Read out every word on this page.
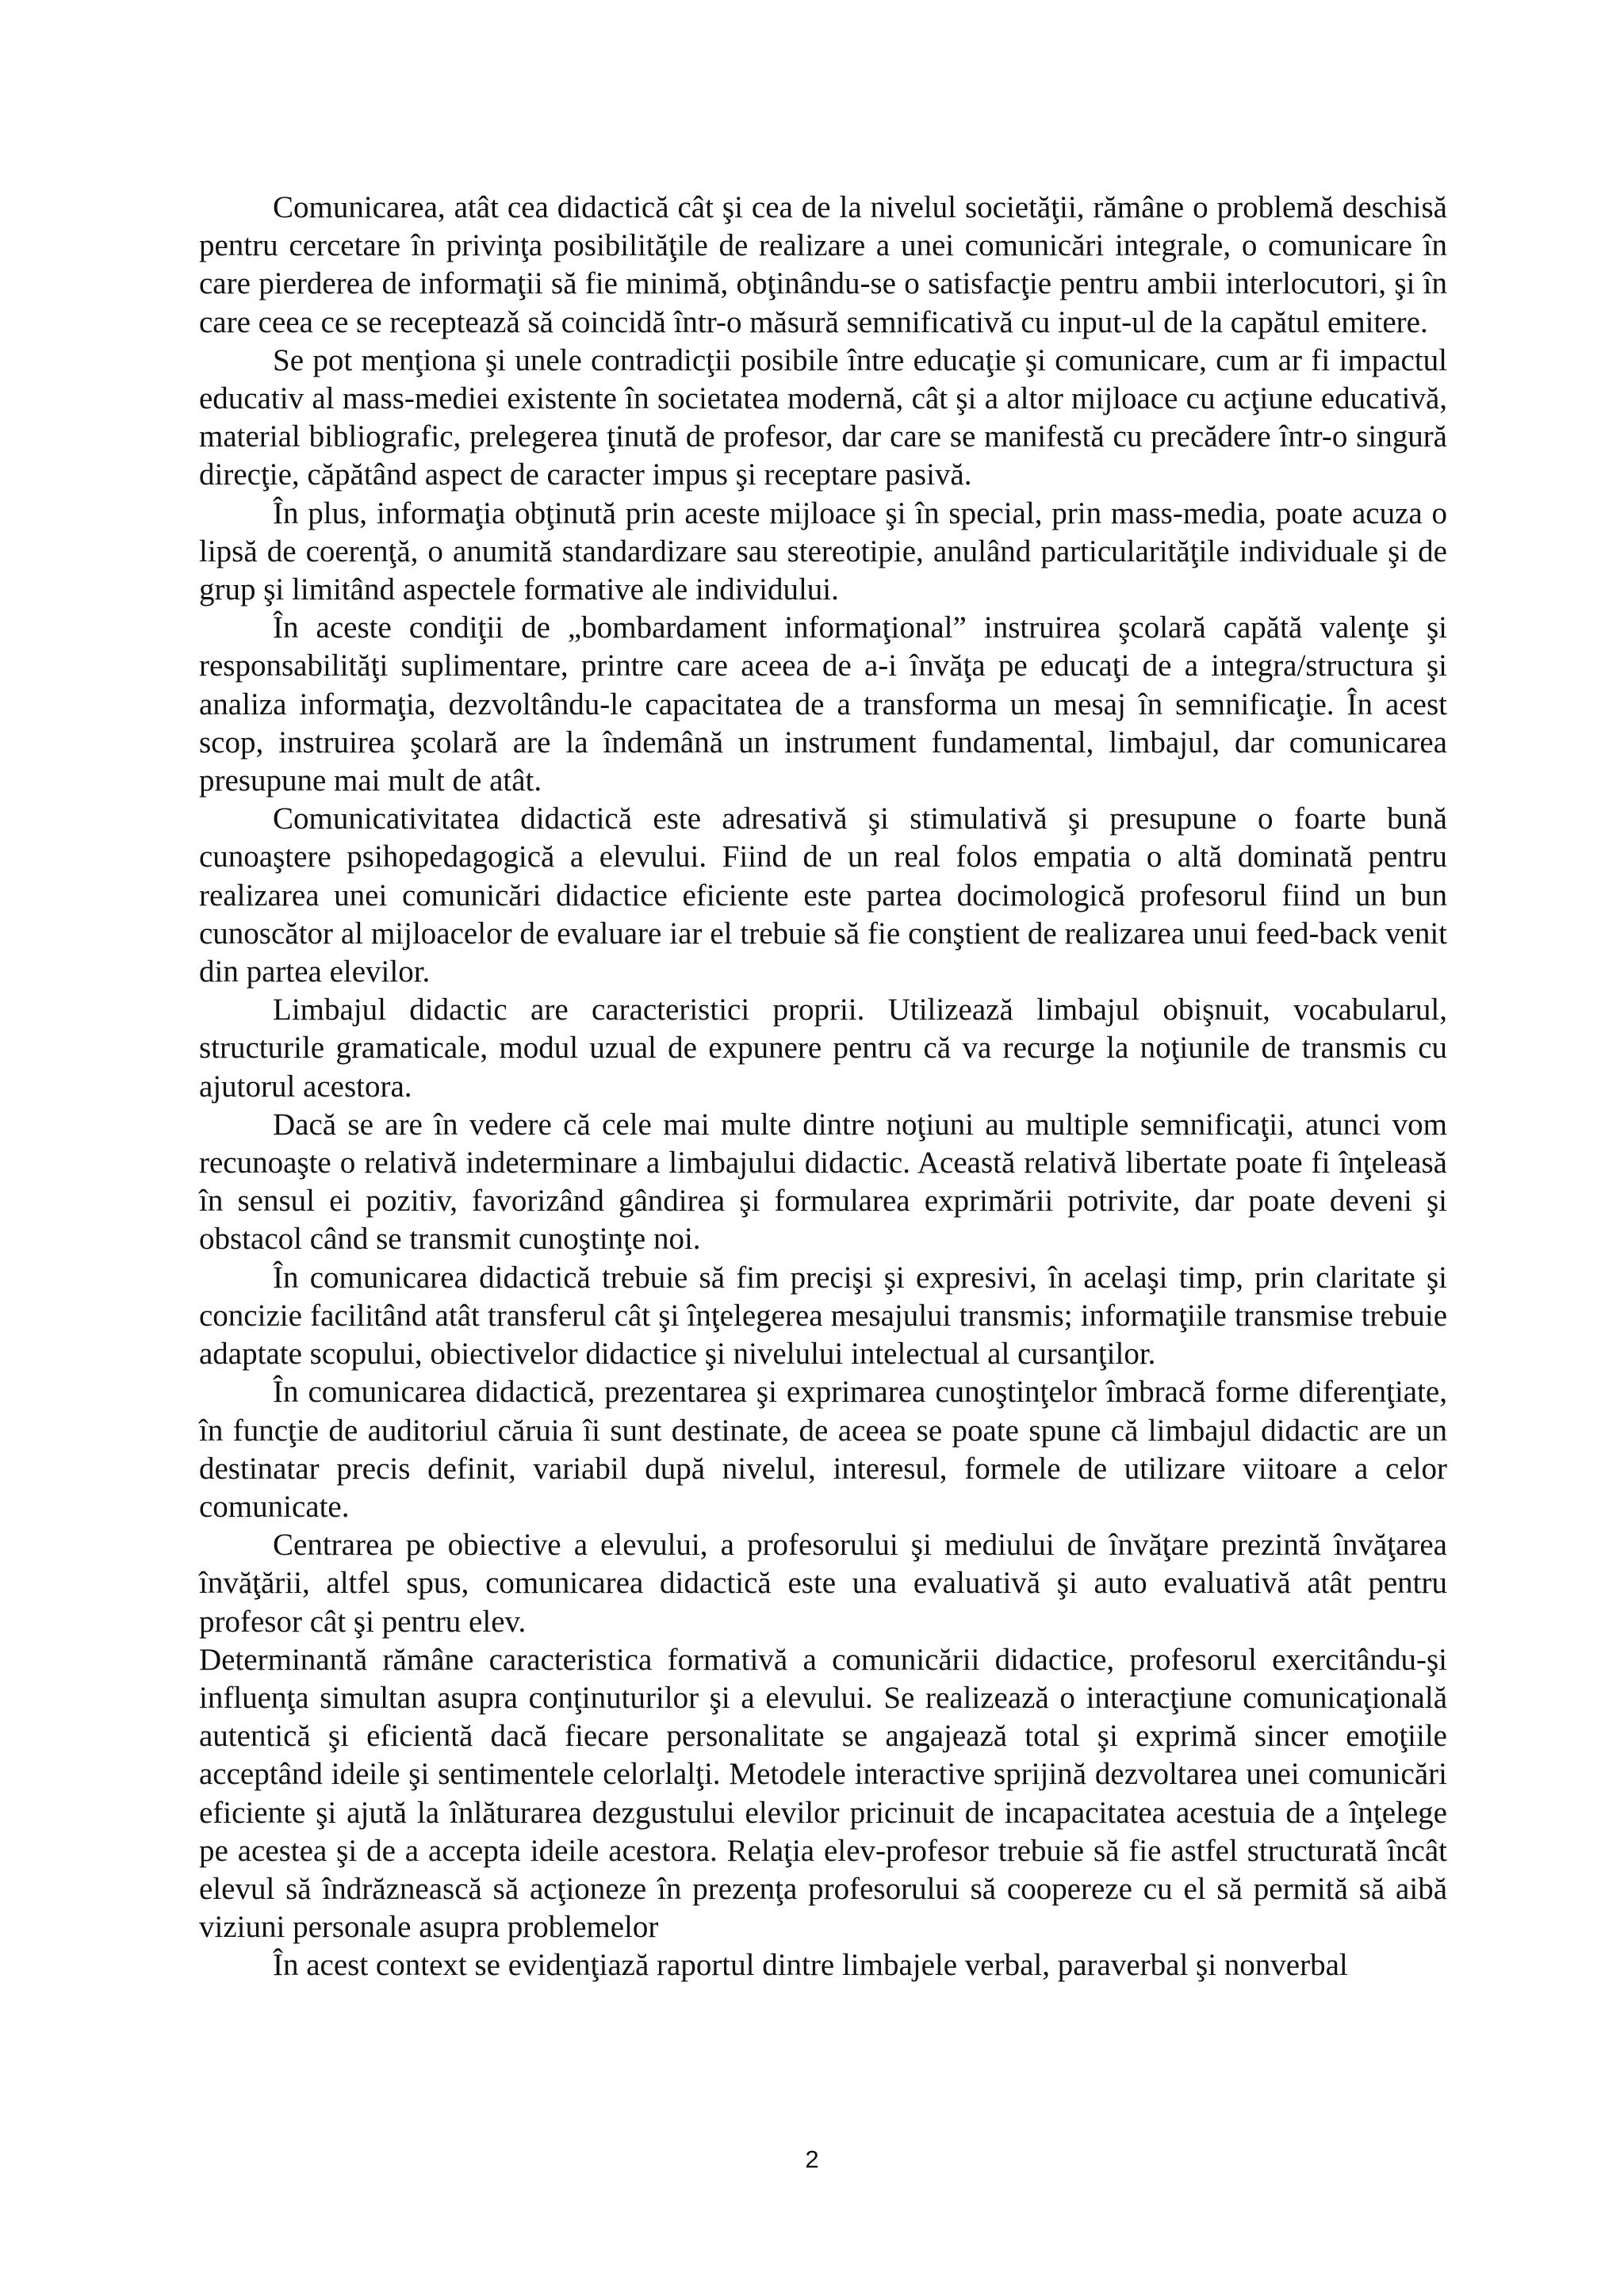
Comunicarea, atât cea didactică cât şi cea de la nivelul societăţii, rămâne o problemă deschisă pentru cercetare în privinţa posibilităţile de realizare a unei comunicări integrale, o comunicare în care pierderea de informaţii să fie minimă, obţinându-se o satisfacţie pentru ambii interlocutori, şi în care ceea ce se recepteazǎ să coincidă într-o măsură semnificativă cu input-ul de la capătul emitere.

Se pot menţiona şi unele contradicţii posibile între educaţie şi comunicare, cum ar fi impactul educativ al mass-mediei existente în societatea modernă, cât şi a altor mijloace cu acţiune educativă, material bibliografic, prelegerea ţinută de profesor, dar care se manifestă cu precădere într-o singură direcţie, căpătând aspect de caracter impus şi receptare pasivă.

În plus, informaţia obţinută prin aceste mijloace şi în special, prin mass-media, poate acuza o lipsă de coerenţă, o anumită standardizare sau stereotipie, anulând particularităţile individuale şi de grup şi limitând aspectele formative ale individului.

În aceste condiţii de „bombardament informaţional” instruirea şcolară capătă valenţe şi responsabilităţi suplimentare, printre care aceea de a-i învăţa pe educaţi de a integra/structura şi analiza informaţia, dezvoltându-le capacitatea de a transforma un mesaj în semnificaţie. În acest scop, instruirea şcolară are la îndemână un instrument fundamental, limbajul, dar comunicarea presupune mai mult de atât.

Comunicativitatea didactică este adresativă şi stimulativă şi presupune o foarte bună cunoaştere psihopedagogică a elevului. Fiind de un real folos empatia o altă dominată pentru realizarea unei comunicări didactice eficiente este partea docimologică profesorul fiind un bun cunoscător al mijloacelor de evaluare iar el trebuie să fie conştient de realizarea unui feed-back venit din partea elevilor.

Limbajul didactic are caracteristici proprii. Utilizează limbajul obişnuit, vocabularul, structurile gramaticale, modul uzual de expunere pentru că va recurge la noţiunile de transmis cu ajutorul acestora.

Dacă se are în vedere că cele mai multe dintre noţiuni au multiple semnificaţii, atunci vom recunoaşte o relativă indeterminare a limbajului didactic. Această relativă libertate poate fi înţeleasă în sensul ei pozitiv, favorizând gândirea şi formularea exprimării potrivite, dar poate deveni şi obstacol când se transmit cunoştinţe noi.

În comunicarea didactică trebuie să fim precişi şi expresivi, în acelaşi timp, prin claritate şi concizie facilitând atât transferul cât şi înţelegerea mesajului transmis; informaţiile transmise trebuie adaptate scopului, obiectivelor didactice şi nivelului intelectual al cursanţilor.

În comunicarea didactică, prezentarea şi exprimarea cunoştinţelor îmbracă forme diferenţiate, în funcţie de auditoriul căruia îi sunt destinate, de aceea se poate spune că limbajul didactic are un destinatar precis definit, variabil după nivelul, interesul, formele de utilizare viitoare a celor comunicate.

Centrarea pe obiective a elevului, a profesorului şi mediului de învăţare prezintă învăţarea învăţării, altfel spus, comunicarea didactică este una evaluativă şi auto evaluativă atât pentru profesor cât şi pentru elev.

Determinantă rămâne caracteristica formativă a comunicării didactice, profesorul exercitându-şi influenţa simultan asupra conţinuturilor şi a elevului. Se realizează o interacţiune comunicaţională autentică şi eficientă dacă fiecare personalitate se angajează total şi exprimă sincer emoţiile acceptând ideile şi sentimentele celorlalţi. Metodele interactive sprijină dezvoltarea unei comunicări eficiente şi ajută la înlăturarea dezgustului elevilor pricinuit de incapacitatea acestuia de a înţelege pe acestea şi de a accepta ideile acestora. Relaţia elev-profesor trebuie să fie astfel structurată încât elevul să îndrăznească să acţioneze în prezenţa profesorului să coopereze cu el să permită să aibă viziuni personale asupra problemelor

În acest context se evidenţiază raportul dintre limbajele verbal, paraverbal şi nonverbal

2
